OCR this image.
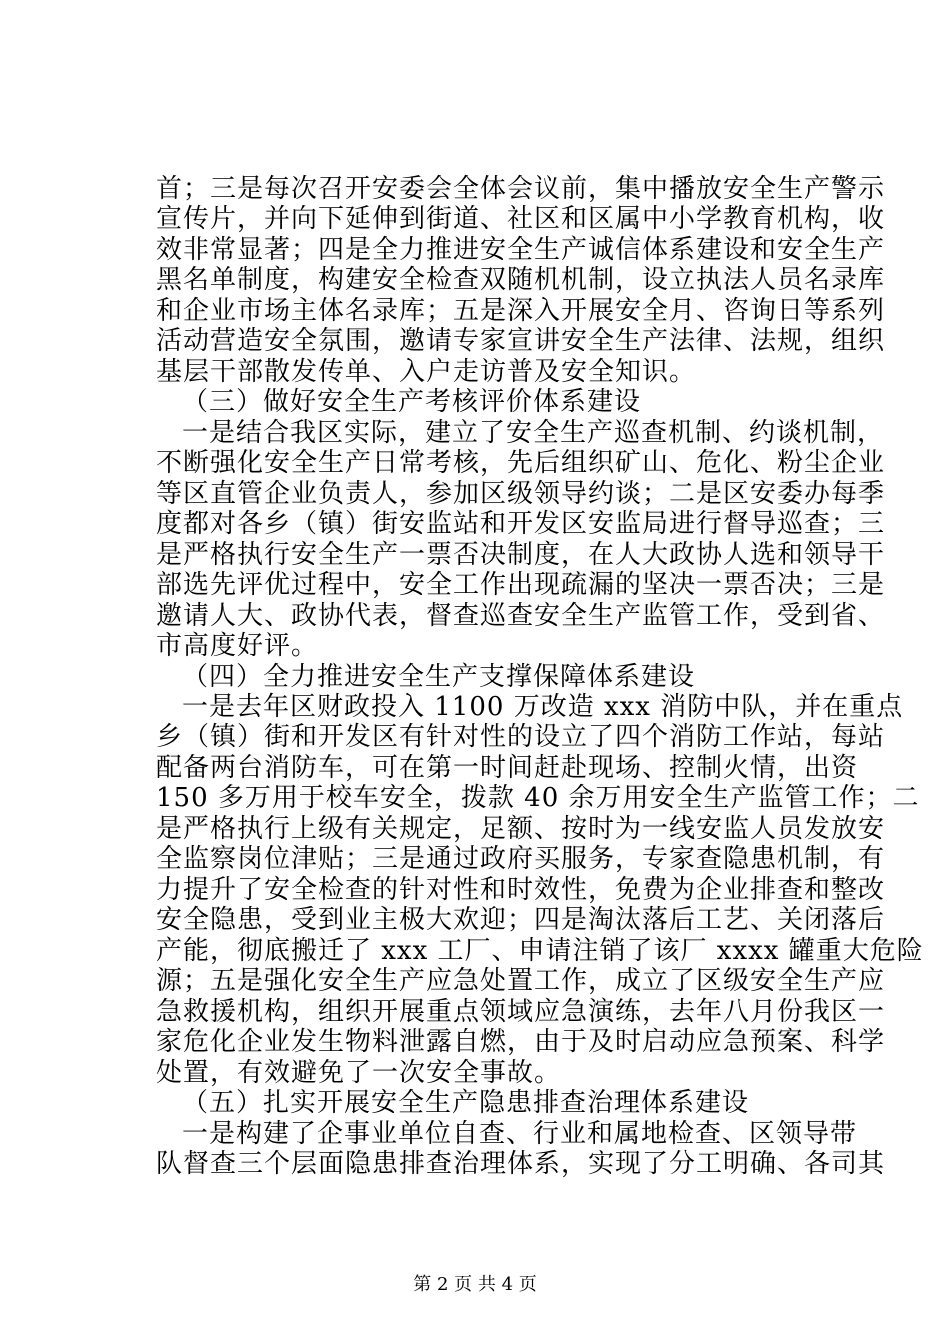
首；三是每次召开安委会全体会议前，集中播放安全生产警示
宣传片，并向下延伸到街道、社区和区属中小学教育机构，收
效非常显著；四是全力推进安全生产诚信体系建设和安全生产
黑名单制度，构建安全检查双随机机制，设立执法人员名录库
和企业市场主体名录库；五是深入开展安全月、咨询日等系列
活动营造安全氛围，邀请专家宣讲安全生产法律、法规，组织
基层干部散发传单、入户走访普及安全知识。
（三）做好安全生产考核评价体系建设
一是结合我区实际，建立了安全生产巡查机制、约谈机制，
不断强化安全生产日常考核，先后组织矿山、危化、粉尘企业
等区直管企业负责人，参加区级领导约谈；二是区安委办每季
度都对各乡（镇）街安监站和开发区安监局进行督导巡查；三
是严格执行安全生产一票否决制度，在人大政协人选和领导干
部选先评优过程中，安全工作出现疏漏的坚决一票否决；三是
邀请人大、政协代表，督查巡查安全生产监管工作，受到省、
市高度好评。
（四）全力推进安全生产支撑保障体系建设
一是去年区财政投入 1100 万改造 xxx 消防中队，并在重点
乡（镇）街和开发区有针对性的设立了四个消防工作站，每站
配备两台消防车，可在第一时间赶赴现场、控制火情，出资
150 多万用于校车安全，拨款 40 余万用安全生产监管工作；二
是严格执行上级有关规定，足额、按时为一线安监人员发放安
全监察岗位津贴；三是通过政府买服务，专家查隐患机制，有
力提升了安全检查的针对性和时效性，免费为企业排查和整改
安全隐患，受到业主极大欢迎；四是淘汰落后工艺、关闭落后
产能，彻底搬迁了 xxx 工厂、申请注销了该厂 xxxx 罐重大危险
源；五是强化安全生产应急处置工作，成立了区级安全生产应
急救援机构，组织开展重点领域应急演练，去年八月份我区一
家危化企业发生物料泄露自燃，由于及时启动应急预案、科学
处置，有效避免了一次安全事故。
（五）扎实开展安全生产隐患排查治理体系建设
第 2 页 共 4 页
一是构建了企事业单位自查、行业和属地检查、区领导带
队督查三个层面隐患排查治理体系，实现了分工明确、各司其
